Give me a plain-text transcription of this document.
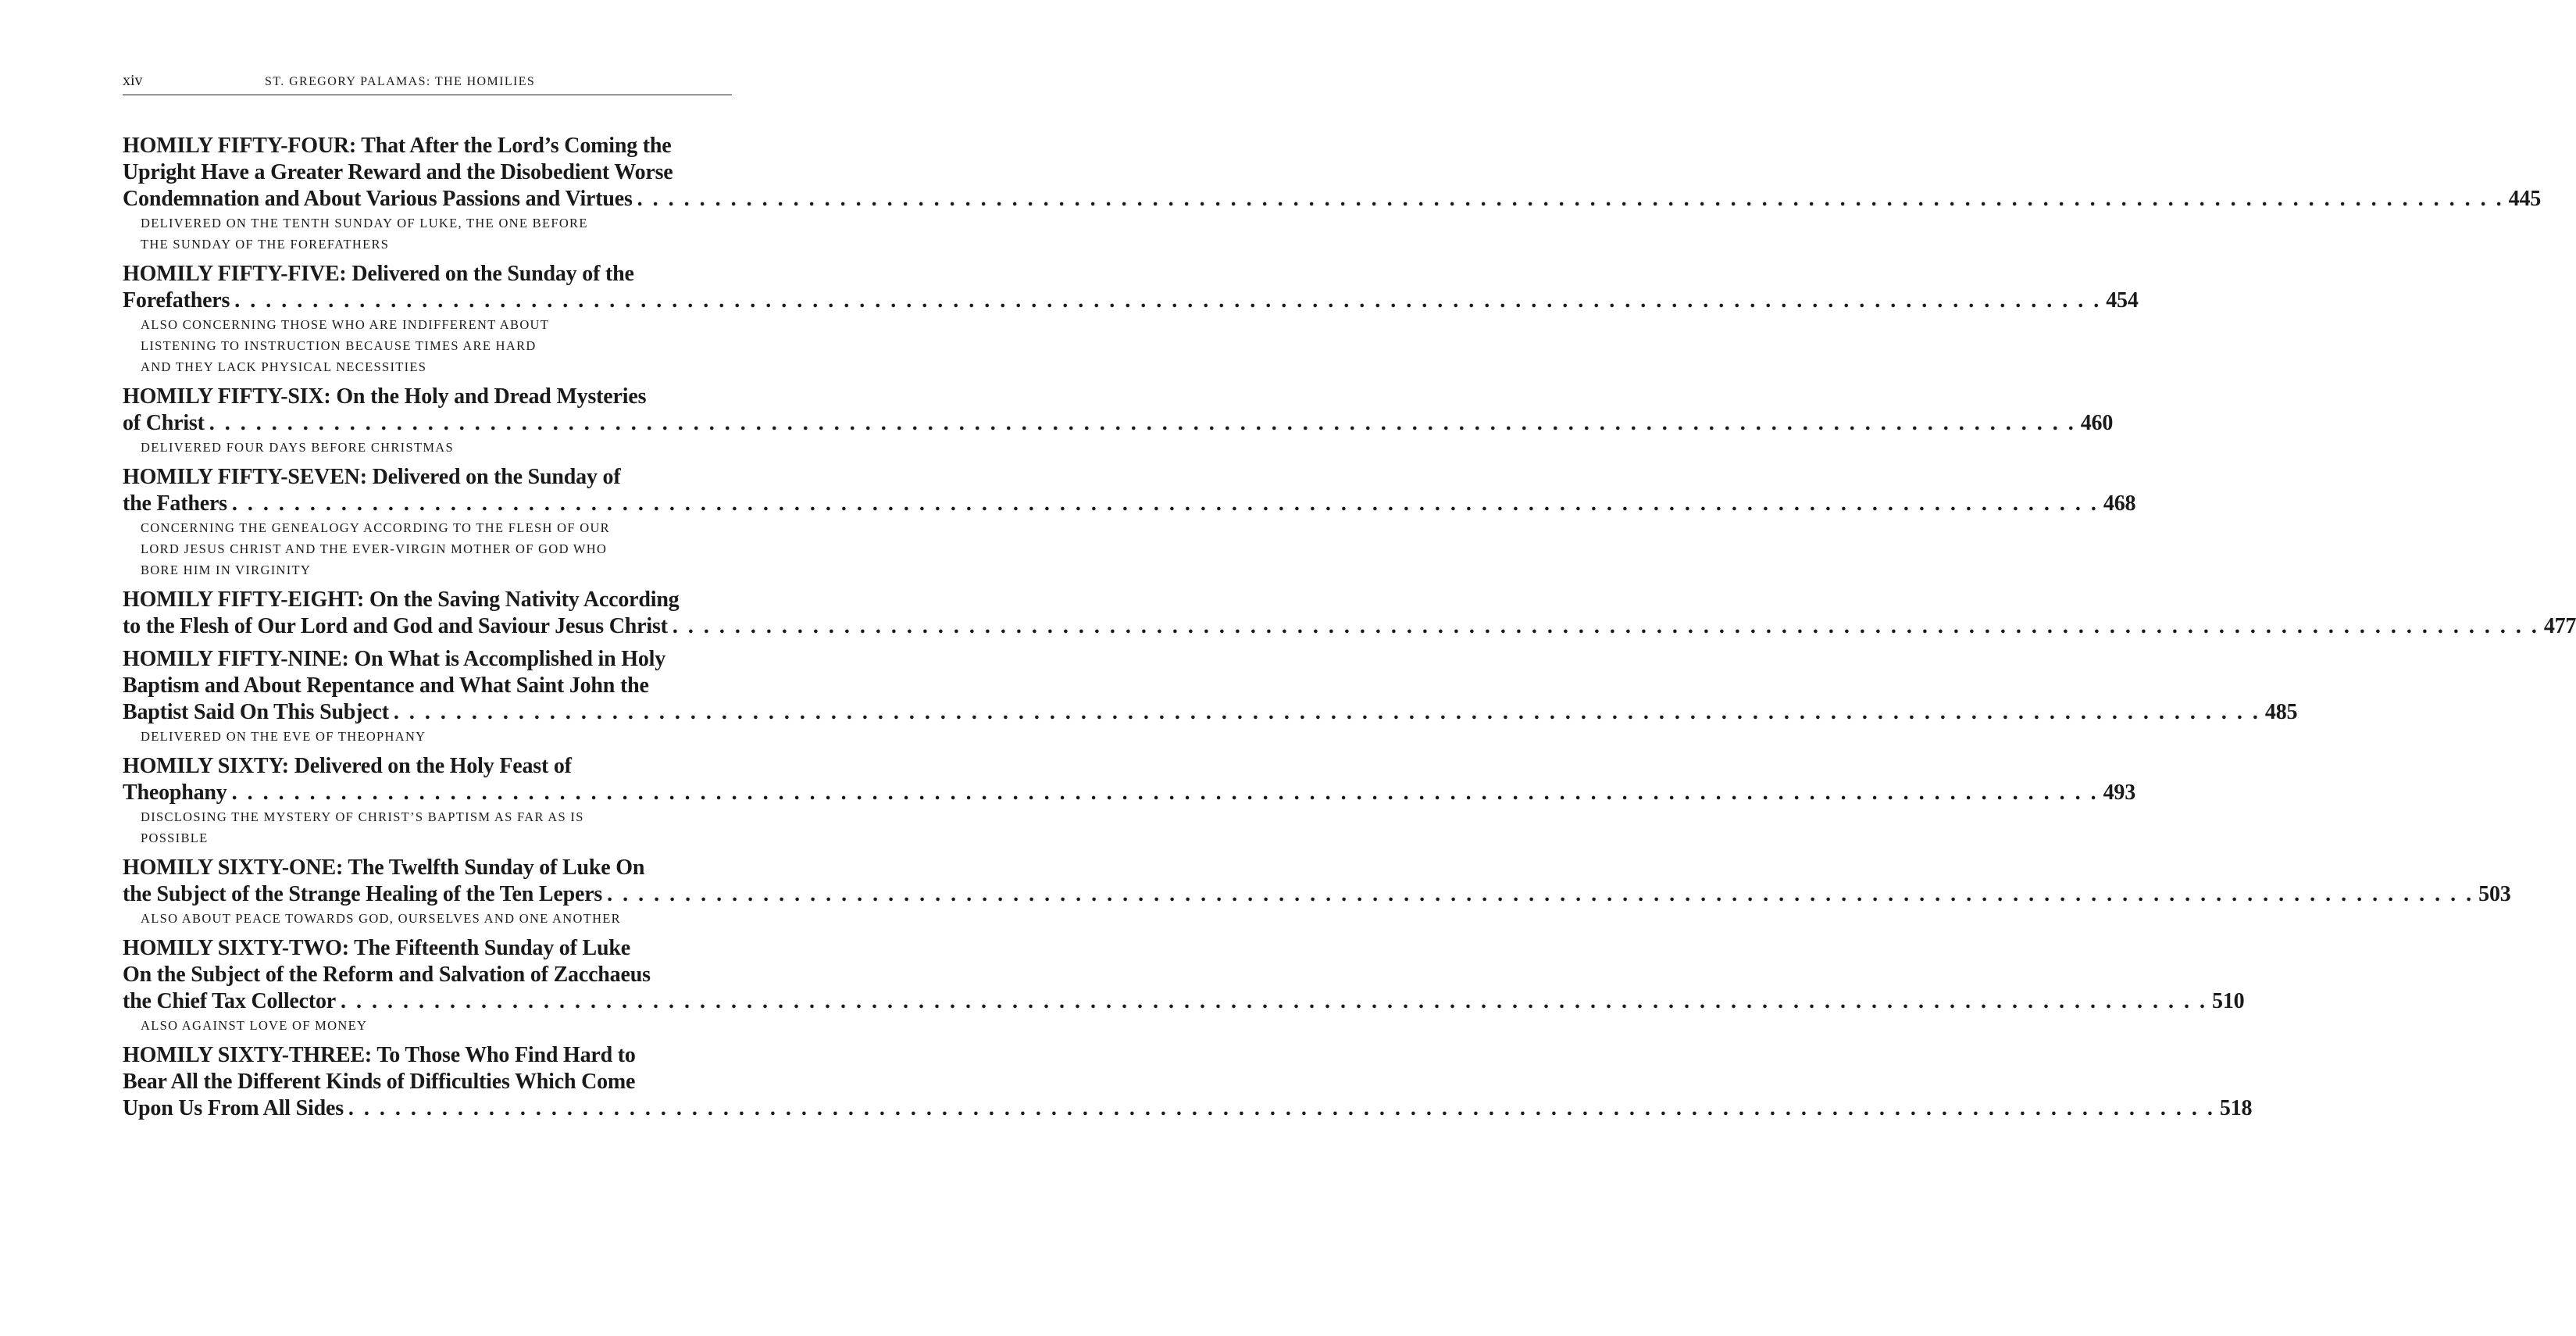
xiv	ST. GREGORY PALAMAS: THE HOMILIES
HOMILY FIFTY-FOUR: That After the Lord’s Coming the
Upright Have a Greater Reward and the Disobedient Worse
Condemnation and About Various Passions and Virtues . . . . . . . . . . . . . . . . . . . . . . . . . . . . . . . . . . . . . . . . . . . . . . . . . . . . . . . . . . . . . . . . . . . . . . . . . . . . . . . . . . . . . . . . . . . . . . . . . . . . . . . . . . . . . . . . . . . . . . . . 445
DELIVERED ON THE TENTH SUNDAY OF LUKE, THE ONE BEFORE
THE SUNDAY OF THE FOREFATHERS
HOMILY FIFTY-FIVE: Delivered on the Sunday of the
Forefathers . . . . . . . . . . . . . . . . . . . . . . . . . . . . . . . . . . . . . . . . . . . . . . . . . . . . . . . . . . . . . . . . . . . . . . . . . . . . . . . . . . . . . . . . . . . . . . . . . . . . . . . . . . . . . . . . . . . . . . . . 454
ALSO CONCERNING THOSE WHO ARE INDIFFERENT ABOUT
LISTENING TO INSTRUCTION BECAUSE TIMES ARE HARD
AND THEY LACK PHYSICAL NECESSITIES
HOMILY FIFTY-SIX: On the Holy and Dread Mysteries
of Christ . . . . . . . . . . . . . . . . . . . . . . . . . . . . . . . . . . . . . . . . . . . . . . . . . . . . . . . . . . . . . . . . . . . . . . . . . . . . . . . . . . . . . . . . . . . . . . . . . . . . . . . . . . . . . . . . . . . . . . . . 460
DELIVERED FOUR DAYS BEFORE CHRISTMAS
HOMILY FIFTY-SEVEN: Delivered on the Sunday of
the Fathers . . . . . . . . . . . . . . . . . . . . . . . . . . . . . . . . . . . . . . . . . . . . . . . . . . . . . . . . . . . . . . . . . . . . . . . . . . . . . . . . . . . . . . . . . . . . . . . . . . . . . . . . . . . . . . . . . . . . . . . . 468
CONCERNING THE GENEALOGY ACCORDING TO THE FLESH OF OUR
LORD JESUS CHRIST AND THE EVER-VIRGIN MOTHER OF GOD WHO
BORE HIM IN VIRGINITY
HOMILY FIFTY-EIGHT: On the Saving Nativity According
to the Flesh of Our Lord and God and Saviour Jesus Christ . . . . . . . . . . . . . . . . . . . . . . . . . . . . . . . . . . . . . . . . . . . . . . . . . . . . . . . . . . . . . . . . . . . . . . . . . . . . . . . . . . . . . . . . . . . . . . . . . . . . . . . . . . . . . . . . . . . . . . . . 477
HOMILY FIFTY-NINE: On What is Accomplished in Holy
Baptism and About Repentance and What Saint John the
Baptist Said On This Subject . . . . . . . . . . . . . . . . . . . . . . . . . . . . . . . . . . . . . . . . . . . . . . . . . . . . . . . . . . . . . . . . . . . . . . . . . . . . . . . . . . . . . . . . . . . . . . . . . . . . . . . . . . . . . . . . . . . . . . . . 485
DELIVERED ON THE EVE OF THEOPHANY
HOMILY SIXTY: Delivered on the Holy Feast of
Theophany . . . . . . . . . . . . . . . . . . . . . . . . . . . . . . . . . . . . . . . . . . . . . . . . . . . . . . . . . . . . . . . . . . . . . . . . . . . . . . . . . . . . . . . . . . . . . . . . . . . . . . . . . . . . . . . . . . . . . . . . 493
DISCLOSING THE MYSTERY OF CHRIST’S BAPTISM AS FAR AS IS
POSSIBLE
HOMILY SIXTY-ONE: The Twelfth Sunday of Luke On
the Subject of the Strange Healing of the Ten Lepers . . . . . . . . . . . . . . . . . . . . . . . . . . . . . . . . . . . . . . . . . . . . . . . . . . . . . . . . . . . . . . . . . . . . . . . . . . . . . . . . . . . . . . . . . . . . . . . . . . . . . . . . . . . . . . . . . . . . . . . . 503
ALSO ABOUT PEACE TOWARDS GOD, OURSELVES AND ONE ANOTHER
HOMILY SIXTY-TWO: The Fifteenth Sunday of Luke
On the Subject of the Reform and Salvation of Zacchaeus
the Chief Tax Collector . . . . . . . . . . . . . . . . . . . . . . . . . . . . . . . . . . . . . . . . . . . . . . . . . . . . . . . . . . . . . . . . . . . . . . . . . . . . . . . . . . . . . . . . . . . . . . . . . . . . . . . . . . . . . . . . . . . . . . . . 510
ALSO AGAINST LOVE OF MONEY
HOMILY SIXTY-THREE: To Those Who Find Hard to
Bear All the Different Kinds of Difficulties Which Come
Upon Us From All Sides . . . . . . . . . . . . . . . . . . . . . . . . . . . . . . . . . . . . . . . . . . . . . . . . . . . . . . . . . . . . . . . . . . . . . . . . . . . . . . . . . . . . . . . . . . . . . . . . . . . . . . . . . . . . . . . . . . . . . . . . 518
